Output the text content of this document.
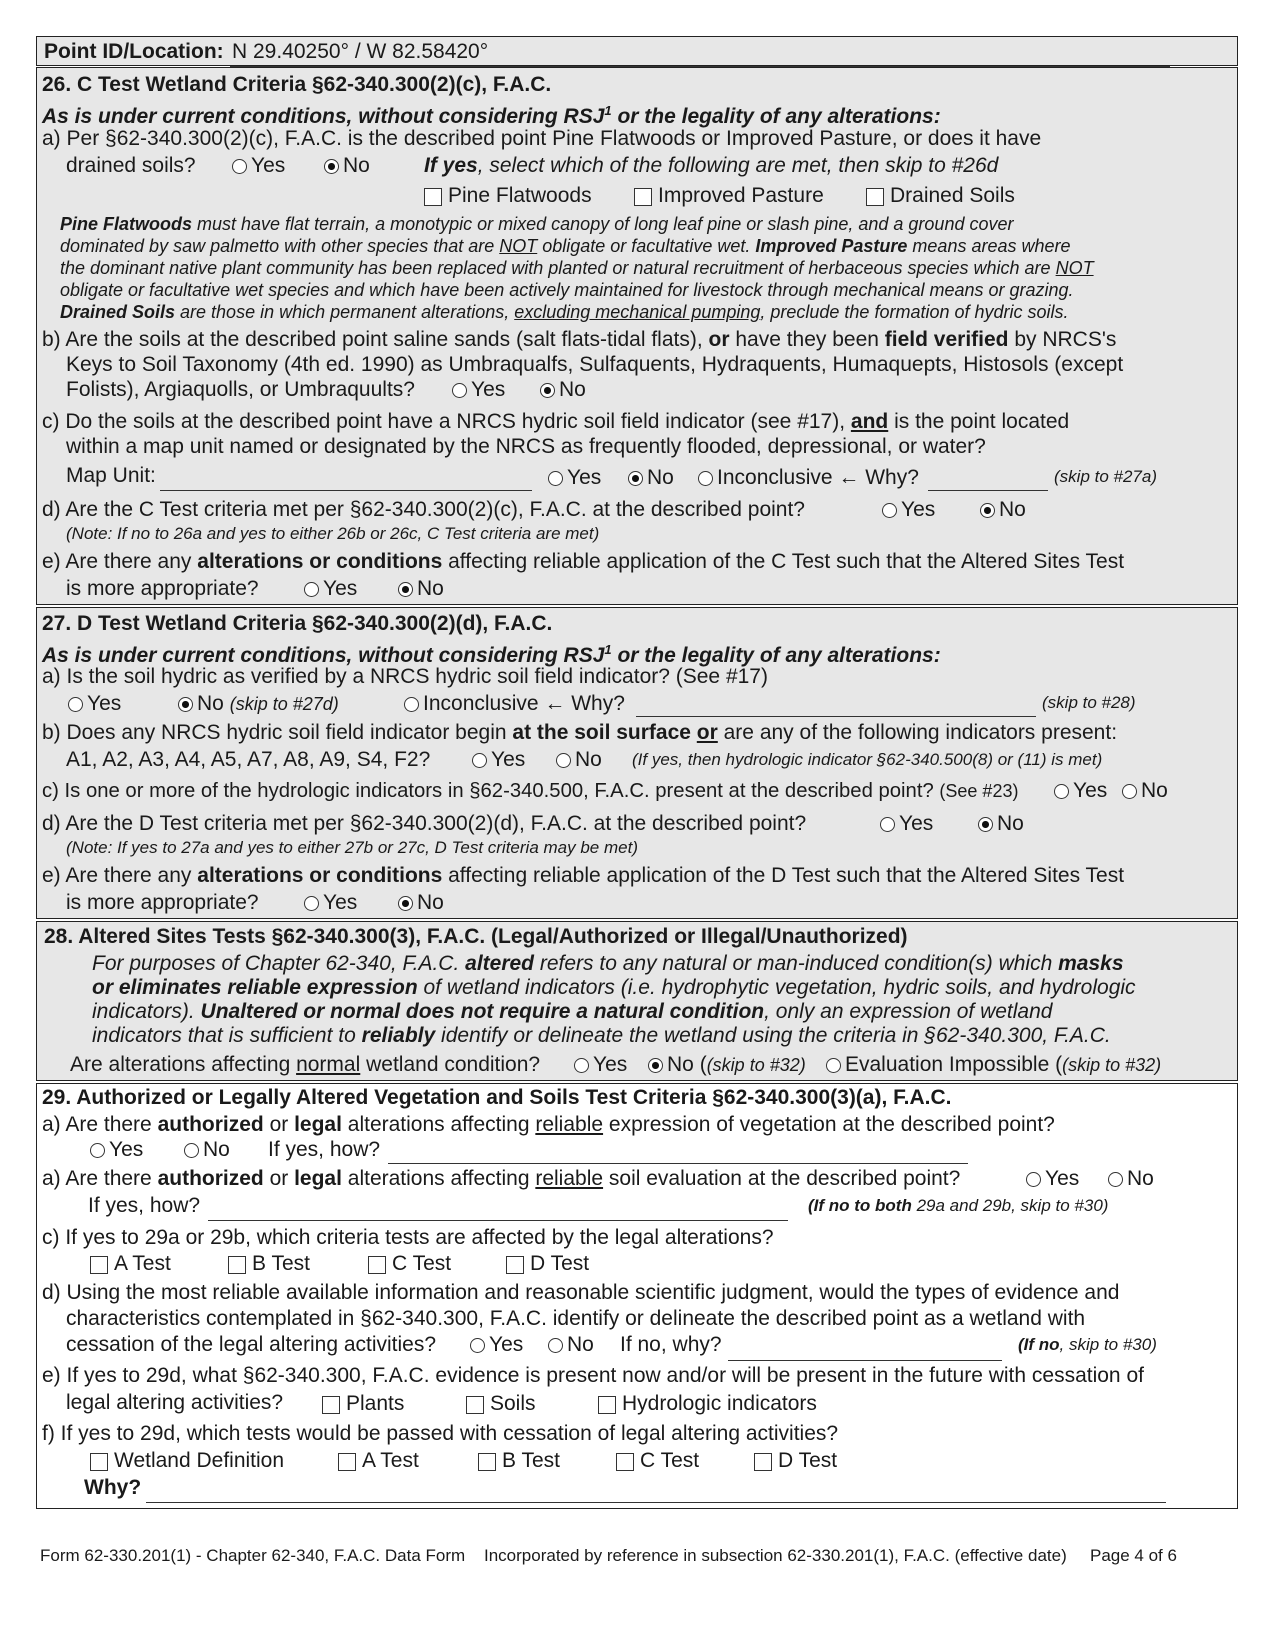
Point ID/Location: N 29.40250° / W 82.58420°
26. C Test Wetland Criteria §62-340.300(2)(c), F.A.C.
As is under current conditions, without considering RSJ$^1$ or the legality of any alterations:
a) Per §62-340.300(2)(c), F.A.C. is the described point Pine Flatwoods or Improved Pasture, or does it have
drained soils?	Yes	No	If yes, select which of the following are met, then skip to #26d
Pine Flatwoods	Improved Pasture	Drained Soils
Pine Flatwoods must have flat terrain, a monotypic or mixed canopy of long leaf pine or slash pine, and a ground cover
dominated by saw palmetto with other species that are NOT obligate or facultative wet. Improved Pasture means areas where
the dominant native plant community has been replaced with planted or natural recruitment of herbaceous species which are NOT
obligate or facultative wet species and which have been actively maintained for livestock through mechanical means or grazing.
Drained Soils are those in which permanent alterations, excluding mechanical pumping, preclude the formation of hydric soils.
b) Are the soils at the described point saline sands (salt flats-tidal flats), or have they been field verified by NRCS's
Keys to Soil Taxonomy (4th ed. 1990) as Umbraqualfs, Sulfaquents, Hydraquents, Humaquepts, Histosols (except
Folists), Argiaquolls, or Umbraquults?	Yes	No
c) Do the soils at the described point have a NRCS hydric soil field indicator (see #17), and is the point located
within a map unit named or designated by the NRCS as frequently flooded, depressional, or water?
Map Unit:	Yes	No	Inconclusive ← Why?	(skip to #27a)
d) Are the C Test criteria met per §62-340.300(2)(c), F.A.C. at the described point?	Yes	No
(Note: If no to 26a and yes to either 26b or 26c, C Test criteria are met)
e) Are there any alterations or conditions affecting reliable application of the C Test such that the Altered Sites Test
is more appropriate?	Yes	No
27. D Test Wetland Criteria §62-340.300(2)(d), F.A.C.
As is under current conditions, without considering RSJ$^1$ or the legality of any alterations:
a) Is the soil hydric as verified by a NRCS hydric soil field indicator? (See #17)
Yes	No (skip to #27d)	Inconclusive ← Why?	(skip to #28)
b) Does any NRCS hydric soil field indicator begin at the soil surface or are any of the following indicators present:
A1, A2, A3, A4, A5, A7, A8, A9, S4, F2?	Yes	No (If yes, then hydrologic indicator §62-340.500(8) or (11) is met)
c) Is one or more of the hydrologic indicators in §62-340.500, F.A.C. present at the described point? (See #23)	Yes	No
d) Are the D Test criteria met per §62-340.300(2)(d), F.A.C. at the described point?	Yes	No
(Note: If yes to 27a and yes to either 27b or 27c, D Test criteria may be met)
e) Are there any alterations or conditions affecting reliable application of the D Test such that the Altered Sites Test
is more appropriate?	Yes	No
28. Altered Sites Tests §62-340.300(3), F.A.C. (Legal/Authorized or Illegal/Unauthorized)
For purposes of Chapter 62-340, F.A.C. altered refers to any natural or man-induced condition(s) which masks
or eliminates reliable expression of wetland indicators (i.e. hydrophytic vegetation, hydric soils, and hydrologic
indicators). Unaltered or normal does not require a natural condition, only an expression of wetland
indicators that is sufficient to reliably identify or delineate the wetland using the criteria in §62-340.300, F.A.C.
Are alterations affecting normal wetland condition?	Yes	No ((skip to #32)	Evaluation Impossible ((skip to #32)
29. Authorized or Legally Altered Vegetation and Soils Test Criteria §62-340.300(3)(a), F.A.C.
a) Are there authorized or legal alterations affecting reliable expression of vegetation at the described point?
Yes	No If yes, how?
a) Are there authorized or legal alterations affecting reliable soil evaluation at the described point?	Yes	No
If yes, how?	(If no to both 29a and 29b, skip to #30)
c) If yes to 29a or 29b, which criteria tests are affected by the legal alterations?
A Test	B Test	C Test	D Test
d) Using the most reliable available information and reasonable scientific judgment, would the types of evidence and
characteristics contemplated in §62-340.300, F.A.C. identify or delineate the described point as a wetland with
cessation of the legal altering activities?	Yes	No If no, why?	(If no, skip to #30)
e) If yes to 29d, what §62-340.300, F.A.C. evidence is present now and/or will be present in the future with cessation of
legal altering activities?	Plants	Soils	Hydrologic indicators
f) If yes to 29d, which tests would be passed with cessation of legal altering activities?
Wetland Definition	A Test	B Test	C Test	D Test
Why?
Form 62-330.201(1) - Chapter 62-340, F.A.C. Data Form Incorporated by reference in subsection 62-330.201(1), F.A.C. (effective date) Page 4 of 6
